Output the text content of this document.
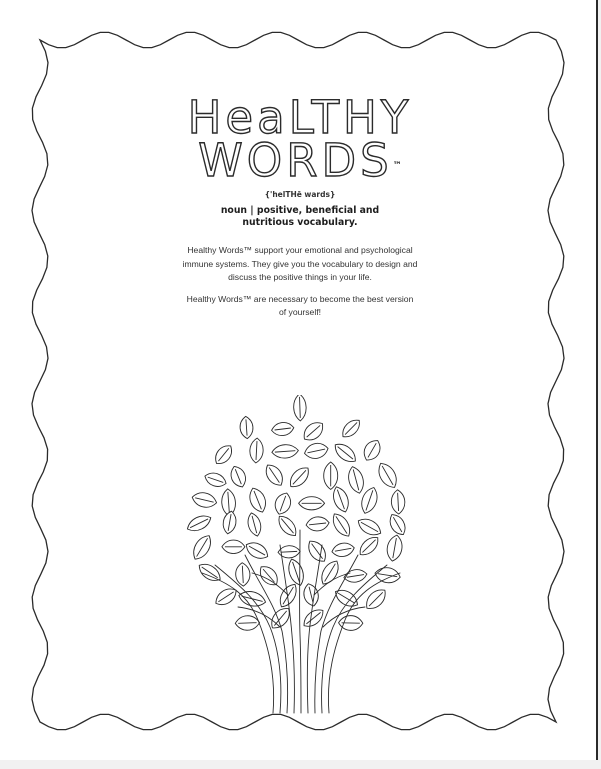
HeaLTHY
WORDS™
{'helTHē wards}
noun | positive, beneficial and nutritious vocabulary.

Healthy Words™ support your emotional and psychological immune systems. They give you the vocabulary to design and discuss the positive things in your life.

Healthy Words™ are necessary to become the best version of yourself!
